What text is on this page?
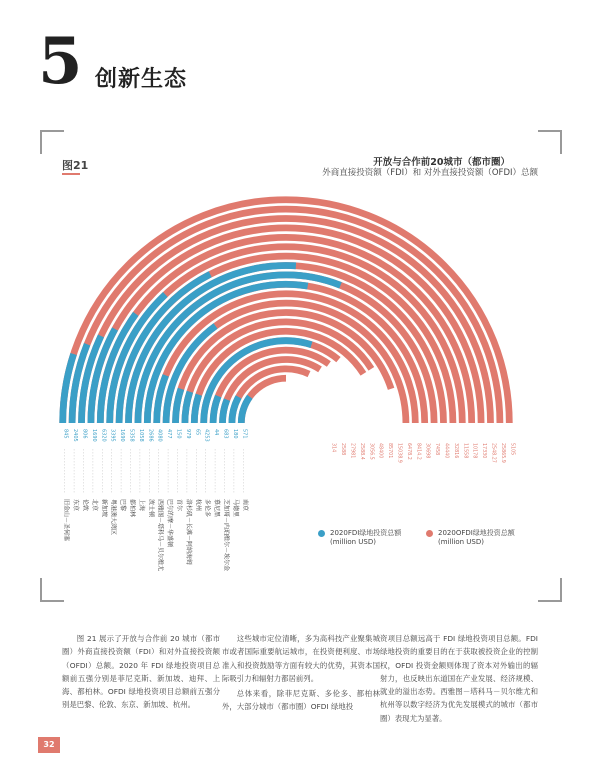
5 创新生态
图21	开放与合作前20城市（都市圈）
外商直接投资额（FDI）和 对外直接投资额（OFDI）总额
845
5105
旧金山－圣何塞
2405
25865.9
东京
806
2548.27
伦敦
1690
17330
北京
6320
10178
新加坡
3395
11558
粤港澳大湾区
1690
32816
巴黎
5358
44440
都柏林
1058
7458
上海
2686
30698
波士顿
4080
8414.2
西雅图－塔科马－贝尔维尤
477
6478.2
巴尔的摩－华盛顿
150
15038.9
首尔
979
85701
洛杉矶－长滩－阿纳海姆
65
48400
杭州
4253
3056.5
多伦多
44
2588.4
慕尼黑
683
27981
芝加哥－内珀维尔－埃尔金
180
2588
马德里
571
314
南京
2020FDI绿地投资总额 (million USD)
2020OFDI绿地投资总额 (million USD)

图 21 展示了开放与合作前 20 城市（都市圈）外商直接投资额（FDI）和对外直接投资额（OFDI）总额。2020 年 FDI 绿地投资项目总额前五强分别是菲尼克斯、新加坡、迪拜、上海、都柏林。OFDI 绿地投资项目总额前五强分别是巴黎、伦敦、东京、新加坡、杭州。

这些城市定位清晰，多为高科技产业聚集城市或者国际重要航运城市，在投资便利度、市场准入和投资鼓励等方面有较大的优势，其资本国际吸引力和辐射力都居前列。

总体来看，除菲尼克斯、多伦多、都柏林外，大部分城市（都市圈）OFDI 绿地投

资项目总额远高于 FDI 绿地投资项目总额。FDI 绿地投资的重要目的在于获取被投资企业的控制权，OFDI 投资金额则体现了资本对外输出的辐射力，也反映出东道国在产业发展、经济规模、就业的溢出态势。西雅图－塔科马－贝尔维尤和杭州等以数字经济为优先发展模式的城市（都市圈）表现尤为显著。

32
